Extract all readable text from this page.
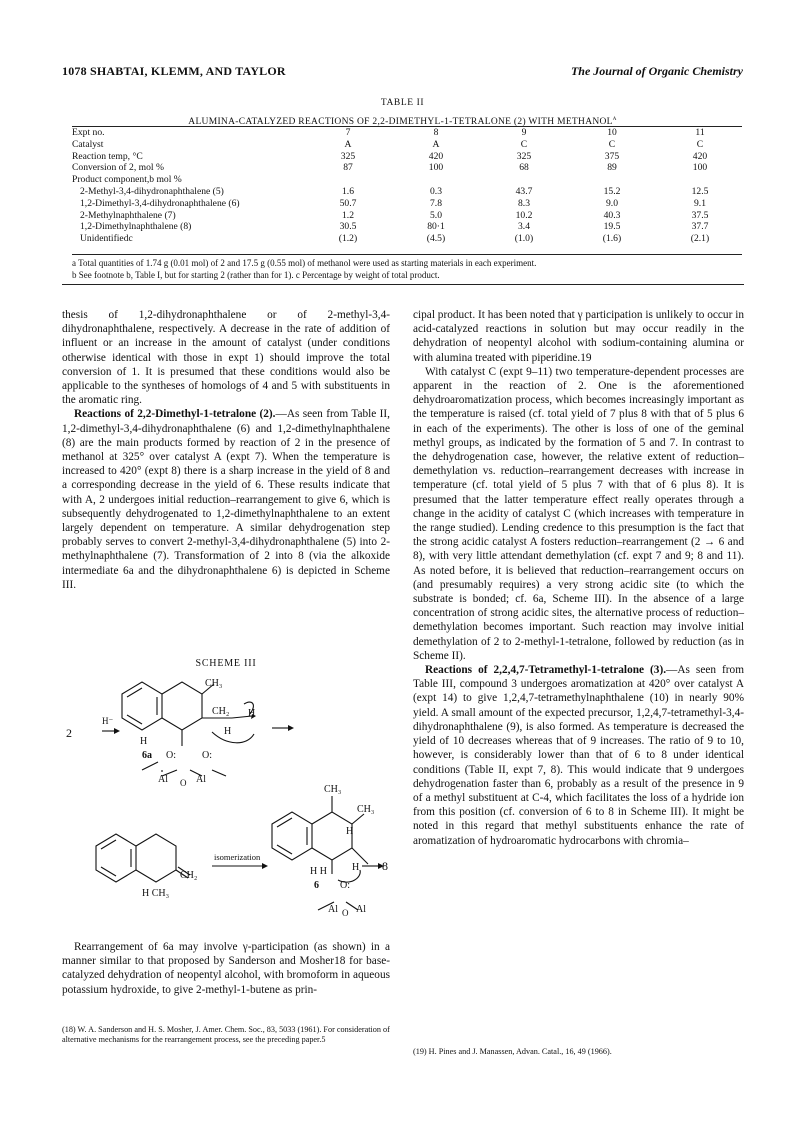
1078 SHABTAI, KLEMM, AND TAYLOR	The Journal of Organic Chemistry
TABLE II
ALUMINA-CATALYZED REACTIONS OF 2,2-DIMETHYL-1-TETRALONE (2) WITH METHANOL$^a$
Expt no.	7	8	9	10	11
Catalyst	A	A	C	C	C
Reaction temp, °C	325	420	325	375	420
Conversion of 2, mol %	87	100	68	89	100
Product component,b mol %					
2-Methyl-3,4-dihydronaphthalene (5)	1.6	0.3	43.7	15.2	12.5
1,2-Dimethyl-3,4-dihydronaphthalene (6)	50.7	7.8	8.3	9.0	9.1
2-Methylnaphthalene (7)	1.2	5.0	10.2	40.3	37.5
1,2-Dimethylnaphthalene (8)	30.5	80·1	3.4	19.5	37.7
Unidentifiedc	(1.2)	(4.5)	(1.0)	(1.6)	(2.1)
a Total quantities of 1.74 g (0.01 mol) of 2 and 17.5 g (0.55 mol) of methanol were used as starting materials in each experiment.
b See footnote b, Table I, but for starting 2 (rather than for 1). c Percentage by weight of total product.

thesis of 1,2-dihydronaphthalene or of 2-methyl-3,4-dihydronaphthalene, respectively. A decrease in the rate of addition of influent or an increase in the amount of catalyst (under conditions otherwise identical with those in expt 1) should improve the total conversion of 1. It is presumed that these conditions would also be applicable to the syntheses of homologs of 4 and 5 with substituents in the aromatic ring.

Reactions of 2,2-Dimethyl-1-tetralone (2).—As seen from Table II, 1,2-dimethyl-3,4-dihydronaphthalene (6) and 1,2-dimethylnaphthalene (8) are the main products formed by reaction of 2 in the presence of methanol at 325° over catalyst A (expt 7). When the temperature is increased to 420° (expt 8) there is a sharp increase in the yield of 8 and a corresponding decrease in the yield of 6. These results indicate that with A, 2 undergoes initial reduction–rearrangement to give 6, which is subsequently dehydrogenated to 1,2-dimethylnaphthalene to an extent largely dependent on temperature. A similar dehydrogenation step probably serves to convert 2-methyl-3,4-dihydronaphthalene (5) into 2-methylnaphthalene (7). Transformation of 2 into 8 (via the alkoxide intermediate 6a and the dihydronaphthalene 6) is depicted in Scheme III.

SCHEME III
2
H⁻
CH₃
CH₂ H
H
H
6a O:	O:
Al O Al
CH₃
CH₃
H
H
H H
6 O:
Al O Al
8
isomerization
CH₂
H CH₃

Rearrangement of 6a may involve γ-participation (as shown) in a manner similar to that proposed by Sanderson and Mosher18 for base-catalyzed dehydration of neopentyl alcohol, with bromoform in aqueous potassium hydroxide, to give 2-methyl-1-butene as prin-

(18) W. A. Sanderson and H. S. Mosher, J. Amer. Chem. Soc., 83, 5033 (1961). For consideration of alternative mechanisms for the rearrangement process, see the preceding paper.5

cipal product. It has been noted that γ participation is unlikely to occur in acid-catalyzed reactions in solution but may occur readily in the dehydration of neopentyl alcohol with sodium-containing alumina or with alumina treated with piperidine.19

With catalyst C (expt 9–11) two temperature-dependent processes are apparent in the reaction of 2. One is the aforementioned dehydroaromatization process, which becomes increasingly important as the temperature is raised (cf. total yield of 7 plus 8 with that of 5 plus 6 in each of the experiments). The other is loss of one of the geminal methyl groups, as indicated by the formation of 5 and 7. In contrast to the dehydrogenation case, however, the relative extent of reduction–demethylation vs. reduction–rearrangement decreases with increase in temperature (cf. total yield of 5 plus 7 with that of 6 plus 8). It is presumed that the latter temperature effect really operates through a change in the acidity of catalyst C (which increases with temperature in the range studied). Lending credence to this presumption is the fact that the strong acidic catalyst A fosters reduction–rearrangement (2 → 6 and 8), with very little attendant demethylation (cf. expt 7 and 9; 8 and 11). As noted before, it is believed that reduction–rearrangement occurs on (and presumably requires) a very strong acidic site (to which the substrate is bonded; cf. 6a, Scheme III). In the absence of a large concentration of strong acidic sites, the alternative process of reduction–demethylation becomes important. Such reaction may involve initial demethylation of 2 to 2-methyl-1-tetralone, followed by reduction (as in Scheme II).

Reactions of 2,2,4,7-Tetramethyl-1-tetralone (3).—As seen from Table III, compound 3 undergoes aromatization at 420° over catalyst A (expt 14) to give 1,2,4,7-tetramethylnaphthalene (10) in nearly 90% yield. A small amount of the expected precursor, 1,2,4,7-tetramethyl-3,4-dihydronaphthalene (9), is also formed. As temperature is decreased the yield of 10 decreases whereas that of 9 increases. The ratio of 9 to 10, however, is considerably lower than that of 6 to 8 under identical conditions (Table II, expt 7, 8). This would indicate that 9 undergoes dehydrogenation faster than 6, probably as a result of the presence in 9 of a methyl substituent at C-4, which facilitates the loss of a hydride ion from this position (cf. conversion of 6 to 8 in Scheme III). It might be noted in this regard that methyl substituents enhance the rate of aromatization of hydroaromatic hydrocarbons with chromia–

(19) H. Pines and J. Manassen, Advan. Catal., 16, 49 (1966).
